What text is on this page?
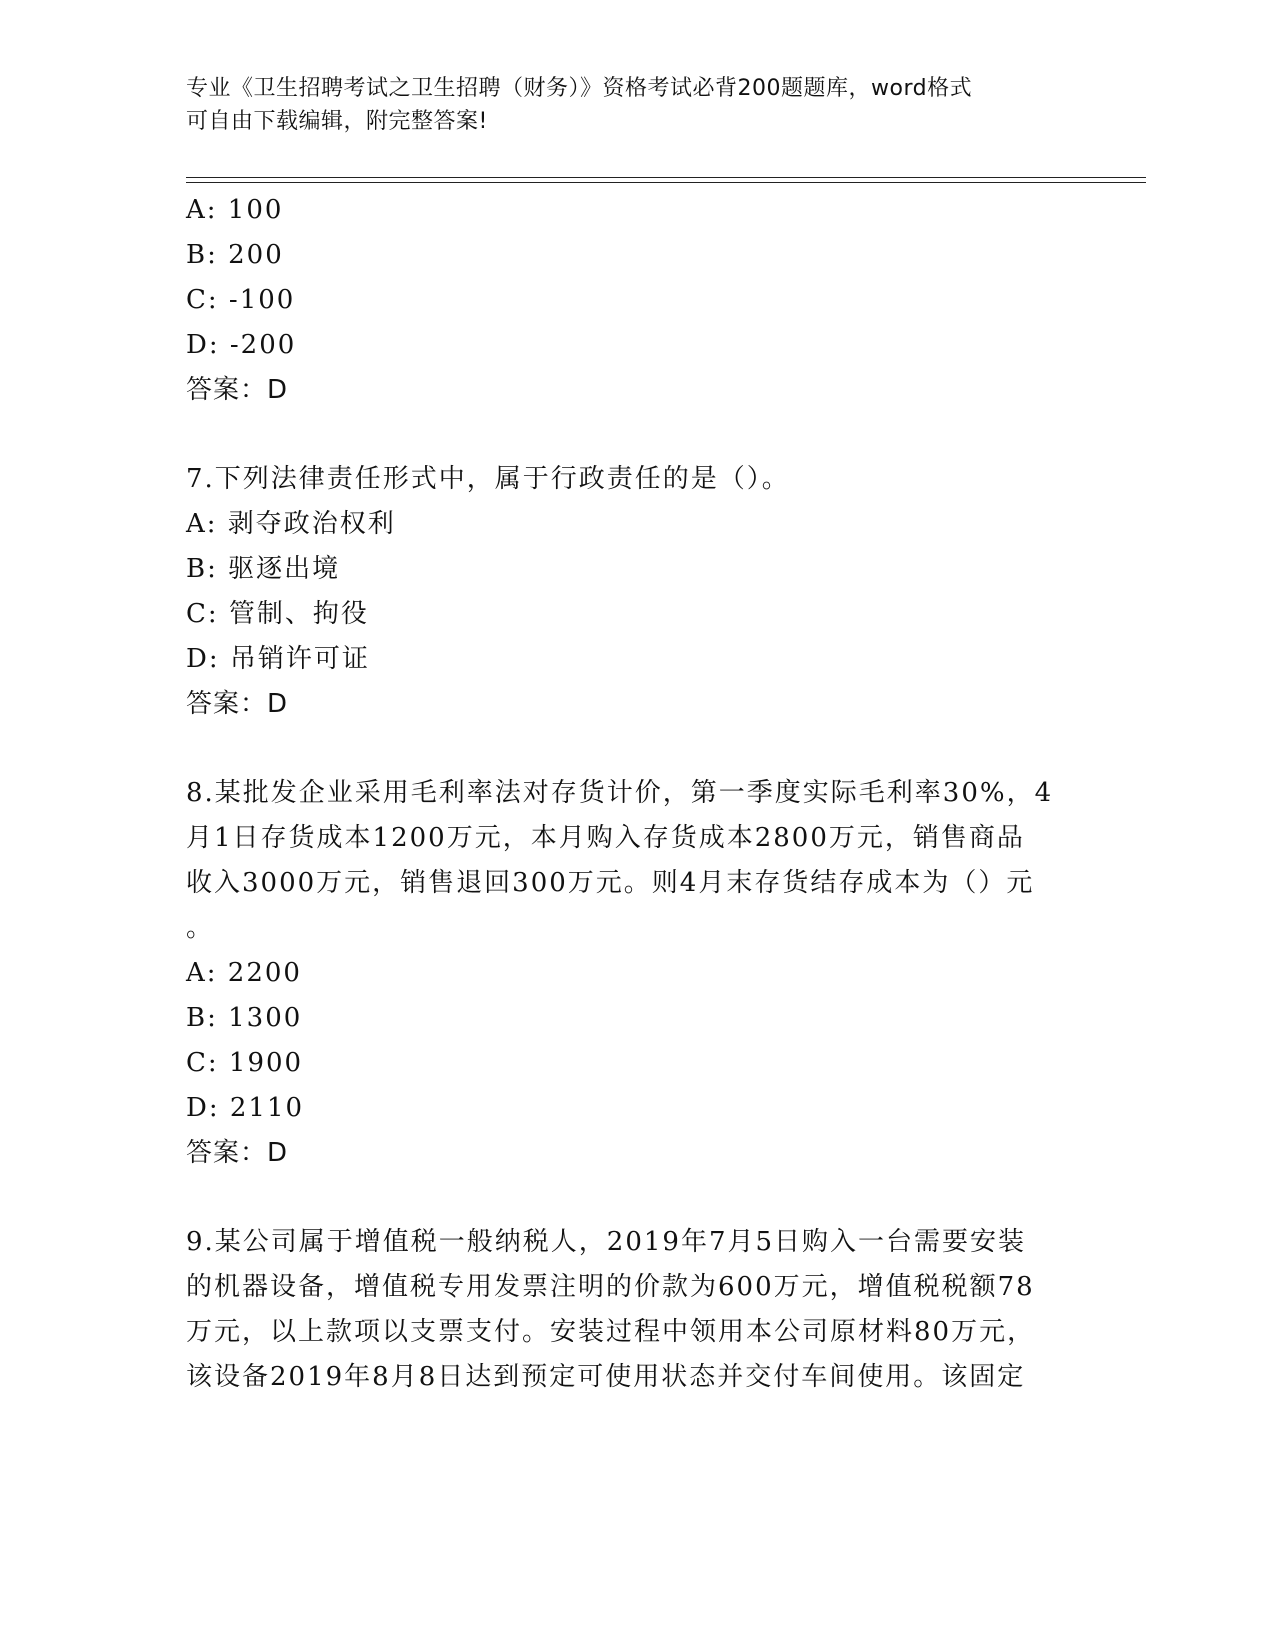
专业《卫生招聘考试之卫生招聘（财务）》资格考试必背200题题库，word格式

可自由下载编辑，附完整答案!

A: 100

B: 200

C: -100

D: -200

答案：D

7.下列法律责任形式中，属于行政责任的是（）。

A: 剥夺政治权利

B: 驱逐出境

C: 管制、拘役

D: 吊销许可证

答案：D

8.某批发企业采用毛利率法对存货计价，第一季度实际毛利率30%，4

月1日存货成本1200万元，本月购入存货成本2800万元，销售商品

收入3000万元，销售退回300万元。则4月末存货结存成本为（）元

。

A: 2200

B: 1300

C: 1900

D: 2110

答案：D

9.某公司属于增值税一般纳税人，2019年7月5日购入一台需要安装

的机器设备，增值税专用发票注明的价款为600万元，增值税税额78

万元，以上款项以支票支付。安装过程中领用本公司原材料80万元，

该设备2019年8月8日达到预定可使用状态并交付车间使用。该固定
